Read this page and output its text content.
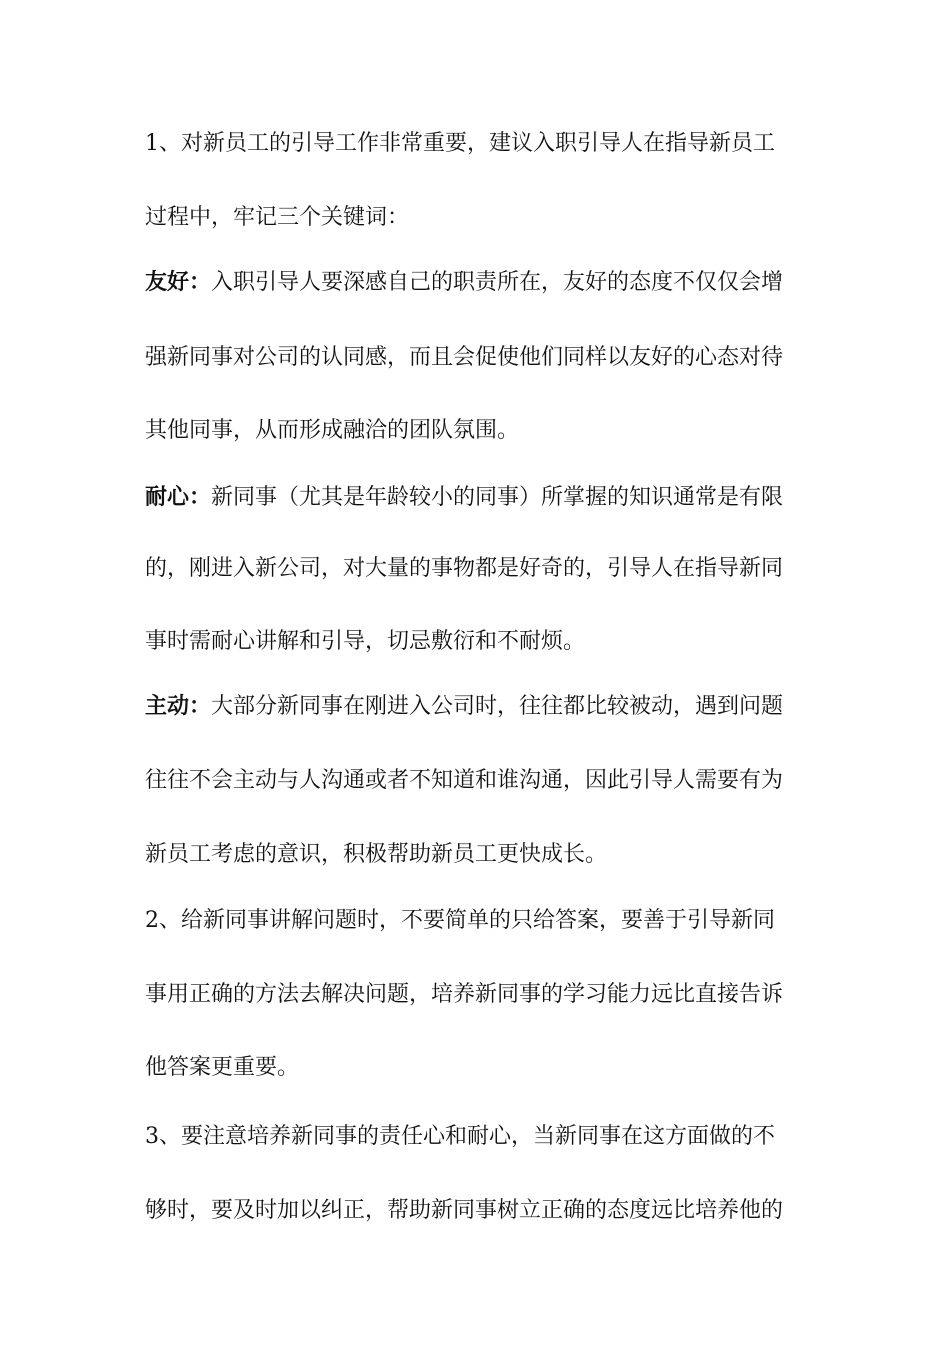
1、对新员工的引导工作非常重要，建议入职引导人在指导新员工
过程中，牢记三个关键词：
友好：入职引导人要深感自己的职责所在，友好的态度不仅仅会增
强新同事对公司的认同感，而且会促使他们同样以友好的心态对待
其他同事，从而形成融洽的团队氛围。
耐心：新同事（尤其是年龄较小的同事）所掌握的知识通常是有限
的，刚进入新公司，对大量的事物都是好奇的，引导人在指导新同
事时需耐心讲解和引导，切忌敷衍和不耐烦。
主动：大部分新同事在刚进入公司时，往往都比较被动，遇到问题
往往不会主动与人沟通或者不知道和谁沟通，因此引导人需要有为
新员工考虑的意识，积极帮助新员工更快成长。
2、给新同事讲解问题时，不要简单的只给答案，要善于引导新同
事用正确的方法去解决问题，培养新同事的学习能力远比直接告诉
他答案更重要。
3、要注意培养新同事的责任心和耐心，当新同事在这方面做的不
够时，要及时加以纠正，帮助新同事树立正确的态度远比培养他的
